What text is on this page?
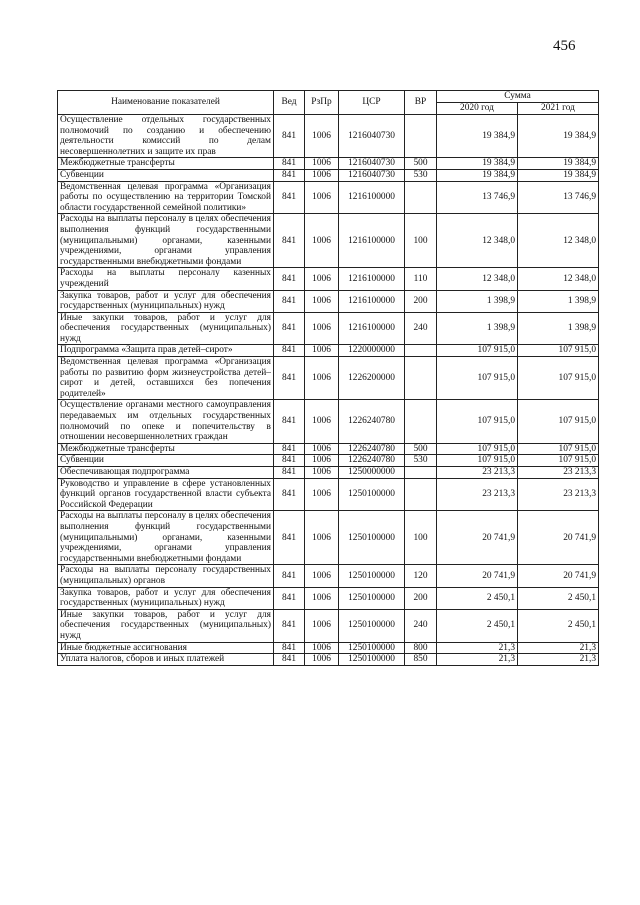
456
Наименование показателей	Вед	РзПр	ЦСР	ВР	Сумма	
					2020 год	2021 год
Осуществление отдельных государственных полномочий по созданию и обеспечению деятельности комиссий по делам несовершеннолетних и защите их прав	841	1006	1216040730		19 384,9	19 384,9
Межбюджетные трансферты	841	1006	1216040730	500	19 384,9	19 384,9
Субвенции	841	1006	1216040730	530	19 384,9	19 384,9
Ведомственная целевая программа «Организация работы по осуществлению на территории Томской области государственной семейной политики»	841	1006	1216100000		13 746,9	13 746,9
Расходы на выплаты персоналу в целях обеспечения выполнения функций государственными (муниципальными) органами, казенными учреждениями, органами управления государственными внебюджетными фондами	841	1006	1216100000	100	12 348,0	12 348,0
Расходы на выплаты персоналу казенных учреждений	841	1006	1216100000	110	12 348,0	12 348,0
Закупка товаров, работ и услуг для обеспечения государственных (муниципальных) нужд	841	1006	1216100000	200	1 398,9	1 398,9
Иные закупки товаров, работ и услуг для обеспечения государственных (муниципальных) нужд	841	1006	1216100000	240	1 398,9	1 398,9
Подпрограмма «Защита прав детей–сирот»	841	1006	1220000000		107 915,0	107 915,0
Ведомственная целевая программа «Организация работы по развитию форм жизнеустройства детей–сирот и детей, оставшихся без попечения родителей»	841	1006	1226200000		107 915,0	107 915,0
Осуществление органами местного самоуправления передаваемых им отдельных государственных полномочий по опеке и попечительству в отношении несовершеннолетних граждан	841	1006	1226240780		107 915,0	107 915,0
Межбюджетные трансферты	841	1006	1226240780	500	107 915,0	107 915,0
Субвенции	841	1006	1226240780	530	107 915,0	107 915,0
Обеспечивающая подпрограмма	841	1006	1250000000		23 213,3	23 213,3
Руководство и управление в сфере установленных функций органов государственной власти субъекта Российской Федерации	841	1006	1250100000		23 213,3	23 213,3
Расходы на выплаты персоналу в целях обеспечения выполнения функций государственными (муниципальными) органами, казенными учреждениями, органами управления государственными внебюджетными фондами	841	1006	1250100000	100	20 741,9	20 741,9
Расходы на выплаты персоналу государственных (муниципальных) органов	841	1006	1250100000	120	20 741,9	20 741,9
Закупка товаров, работ и услуг для обеспечения государственных (муниципальных) нужд	841	1006	1250100000	200	2 450,1	2 450,1
Иные закупки товаров, работ и услуг для обеспечения государственных (муниципальных) нужд	841	1006	1250100000	240	2 450,1	2 450,1
Иные бюджетные ассигнования	841	1006	1250100000	800	21,3	21,3
Уплата налогов, сборов и иных платежей	841	1006	1250100000	850	21,3	21,3
